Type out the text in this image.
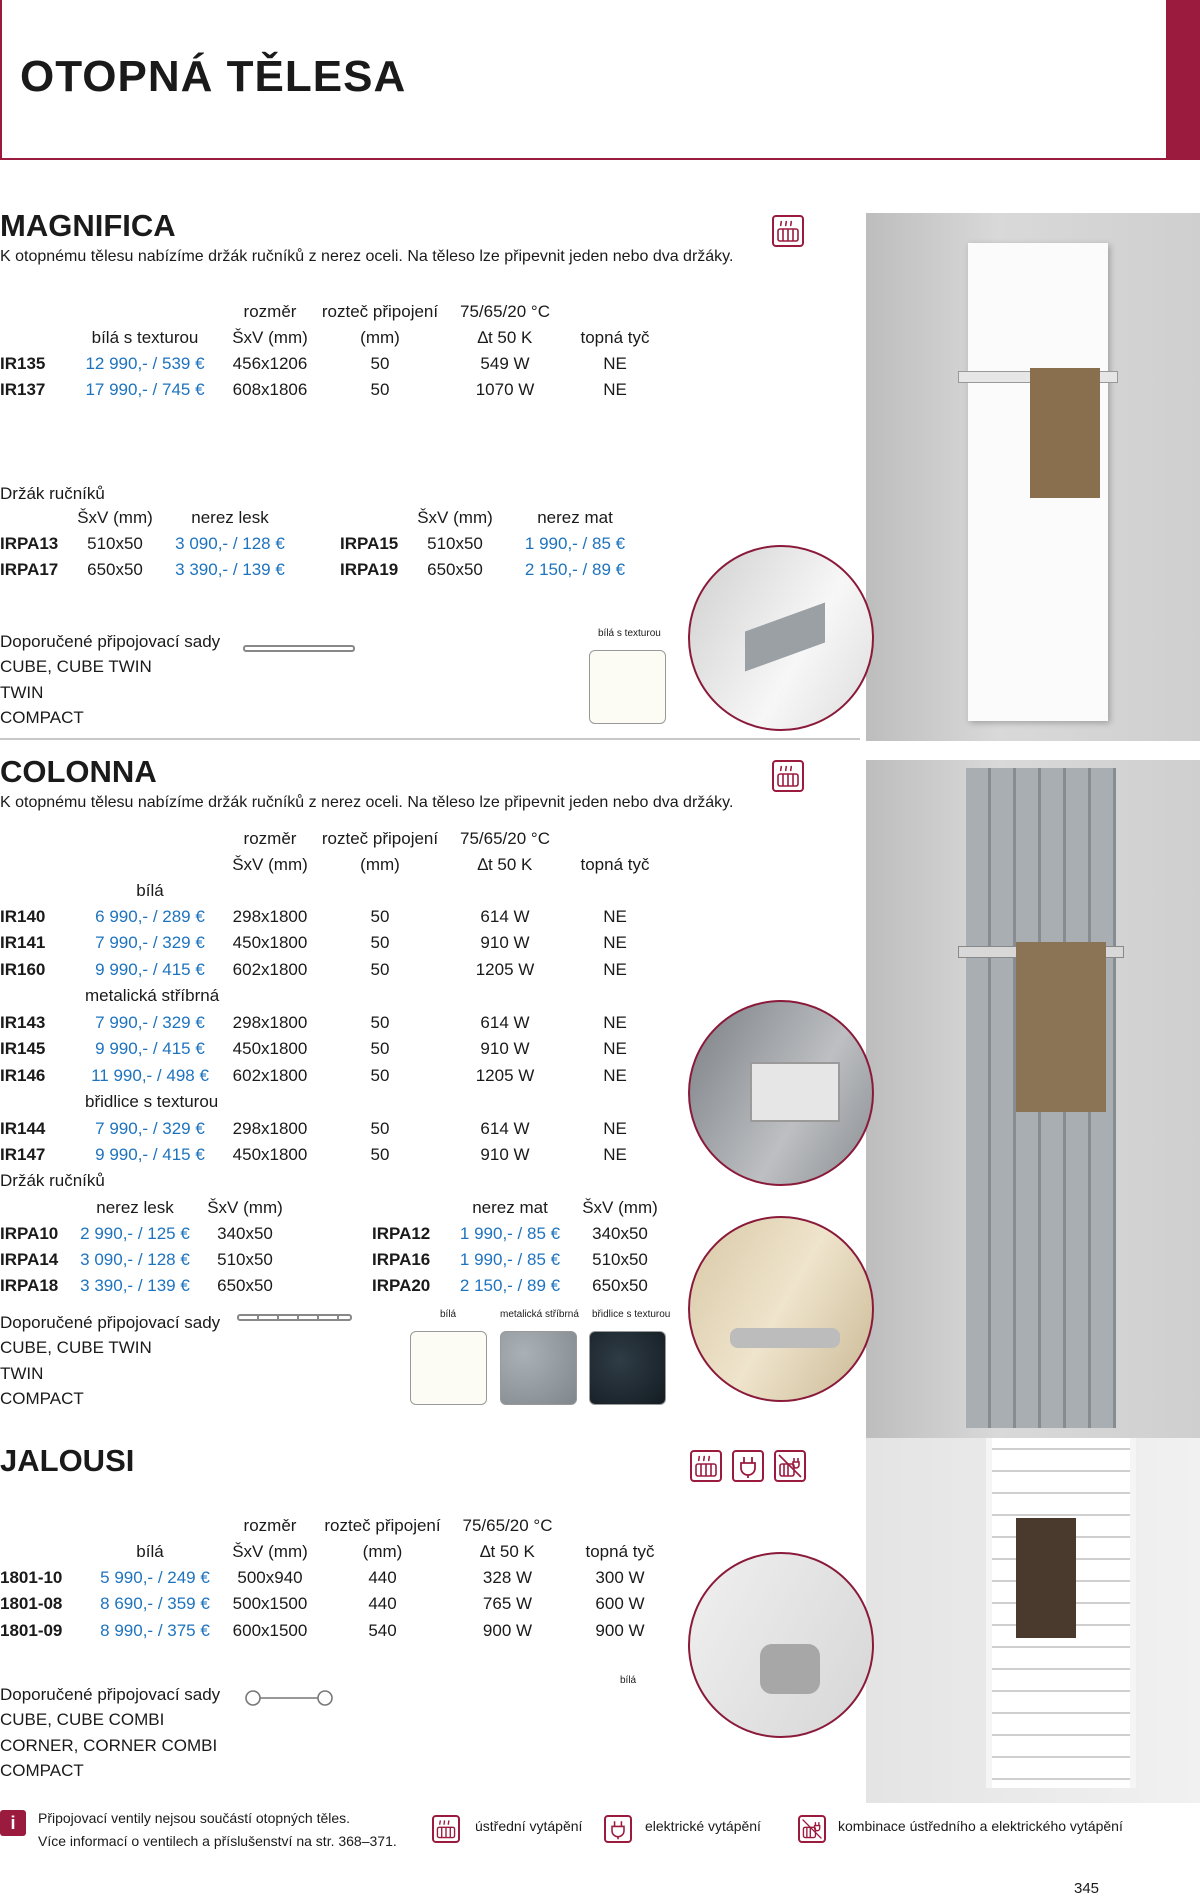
OTOPNÁ TĚLESA
MAGNIFICA
K otopnému tělesu nabízíme držák ručníků z nerez oceli. Na těleso lze připevnit jeden nebo dva držáky.
rozměr	rozteč připojení 75/65/20 °C
bílá s texturou	ŠxV (mm)	(mm)	∆t 50 K	topná tyč
IR135 12 990,- / 539 € 456x1206	50	549 W	NE
IR137 17 990,- / 745 € 608x1806	50	1070 W	NE
Držák ručníků
ŠxV (mm)	nerez lesk	ŠxV (mm)	nerez mat
IRPA13	510x50	3 090,- / 128 €	IRPA15	510x50	1 990,- / 85 €
IRPA17	650x50	3 390,- / 139 €	IRPA19	650x50	2 150,- / 89 €
Doporučené připojovací sady
CUBE, CUBE TWIN
TWIN
COMPACT
bílá s texturou
COLONNA
K otopnému tělesu nabízíme držák ručníků z nerez oceli. Na těleso lze připevnit jeden nebo dva držáky.
rozměr	rozteč připojení 75/65/20 °C
ŠxV (mm)	(mm)	∆t 50 K	topná tyč
bílá
IR140	6 990,- / 289 €	298x1800	50	614 W	NE
IR141	7 990,- / 329 €	450x1800	50	910 W	NE
IR160	9 990,- / 415 €	602x1800	50	1205 W	NE
metalická stříbrná
IR143	7 990,- / 329 €	298x1800	50	614 W	NE
IR145	9 990,- / 415 €	450x1800	50	910 W	NE
IR146	11 990,- / 498 €	602x1800	50	1205 W	NE
břidlice s texturou
IR144	7 990,- / 329 €	298x1800	50	614 W	NE
IR147	9 990,- / 415 €	450x1800	50	910 W	NE
Držák ručníků
nerez lesk	ŠxV (mm)	nerez mat	ŠxV (mm)
IRPA10	2 990,- / 125 €	340x50	IRPA12	1 990,- / 85 €	340x50
IRPA14	3 090,- / 128 €	510x50	IRPA16	1 990,- / 85 €	510x50
IRPA18	3 390,- / 139 €	650x50	IRPA20	2 150,- / 89 €	650x50
Doporučené připojovací sady
CUBE, CUBE TWIN
TWIN
COMPACT
bílá	metalická stříbrná břidlice s texturou
JALOUSI
rozměr	rozteč připojení	75/65/20 °C
bílá	ŠxV (mm)	(mm)	∆t 50 K	topná tyč
1801-10	5 990,- / 249 €	500x940	440	328 W	300 W
1801-08	8 690,- / 359 €	500x1500	440	765 W	600 W
1801-09	8 990,- / 375 €	600x1500	540	900 W	900 W
Doporučené připojovací sady
CUBE, CUBE COMBI
CORNER, CORNER COMBI
COMPACT
bílá
i	Připojovací ventily nejsou součástí otopných těles.
Více informací o ventilech a příslušenství na str. 368–371.
ústřední vytápění	elektrické vytápění	kombinace ústředního a elektrického vytápění
345
